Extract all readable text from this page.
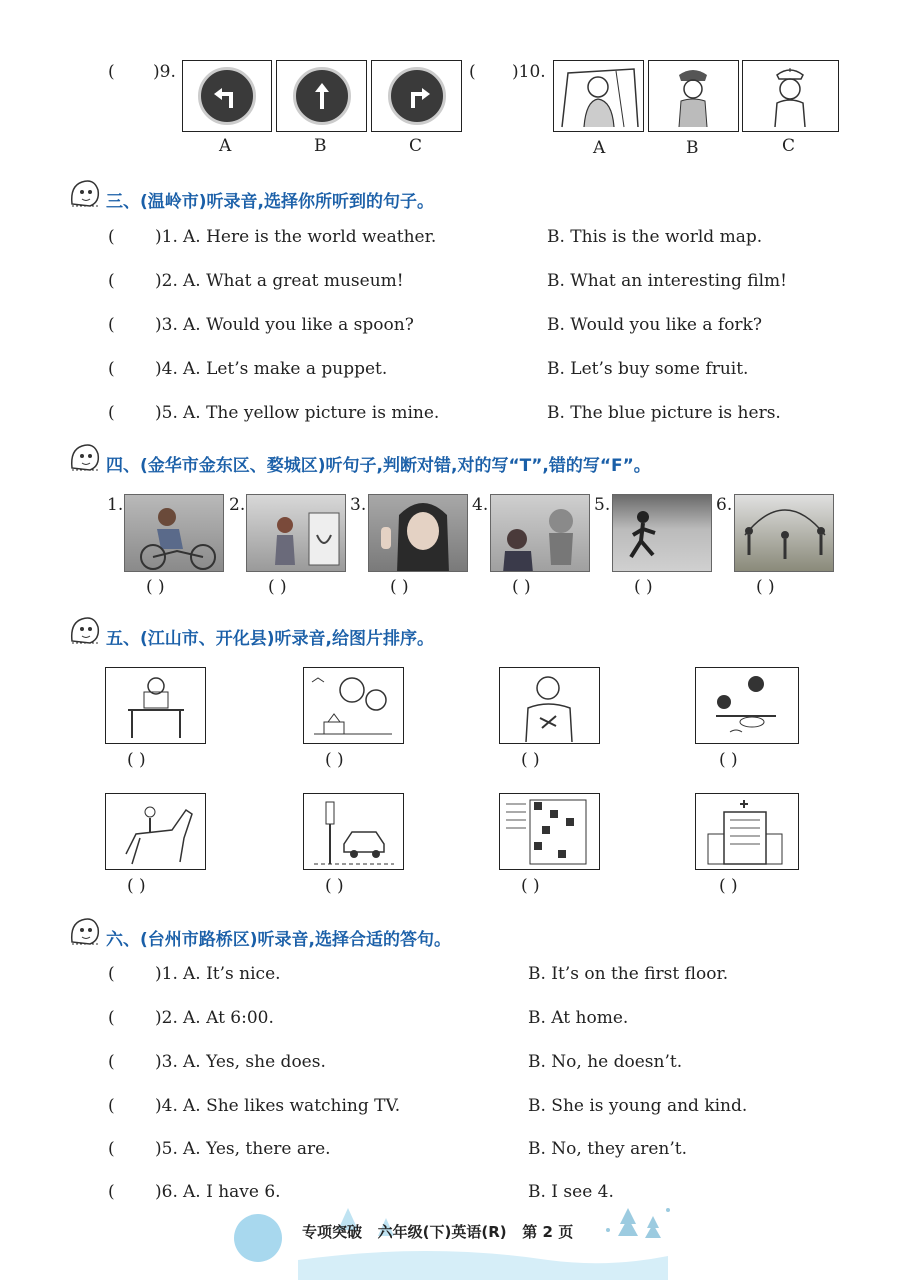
( )9.
A	B	C
( )10.
A	B	C
三、(温岭市)听录音,选择你所听到的句子。
( )1. A. Here is the world weather.	B. This is the world map.
( )2. A. What a great museum!	B. What an interesting film!
( )3. A. Would you like a spoon?	B. Would you like a fork?
( )4. A. Let’s make a puppet.	B. Let’s buy some fruit.
( )5. A. The yellow picture is mine.	B. The blue picture is hers.
四、(金华市金东区、婺城区)听句子,判断对错,对的写“T”,错的写“F”。
1.
( )
2.
( )
3.
( )
4.
( )
5.
( )
6.
( )
五、(江山市、开化县)听录音,给图片排序。
( )	( )	( )	( )
( )	( )	( )	( )
六、(台州市路桥区)听录音,选择合适的答句。
( )1. A. It’s nice.	B. It’s on the first floor.
( )2. A. At 6:00.	B. At home.
( )3. A. Yes, she does.	B. No, he doesn’t.
( )4. A. She likes watching TV.	B. She is young and kind.
( )5. A. Yes, there are.	B. No, they aren’t.
( )6. A. I have 6.	B. I see 4.
专项突破   六年级(下)英语(R)   第 2 页
